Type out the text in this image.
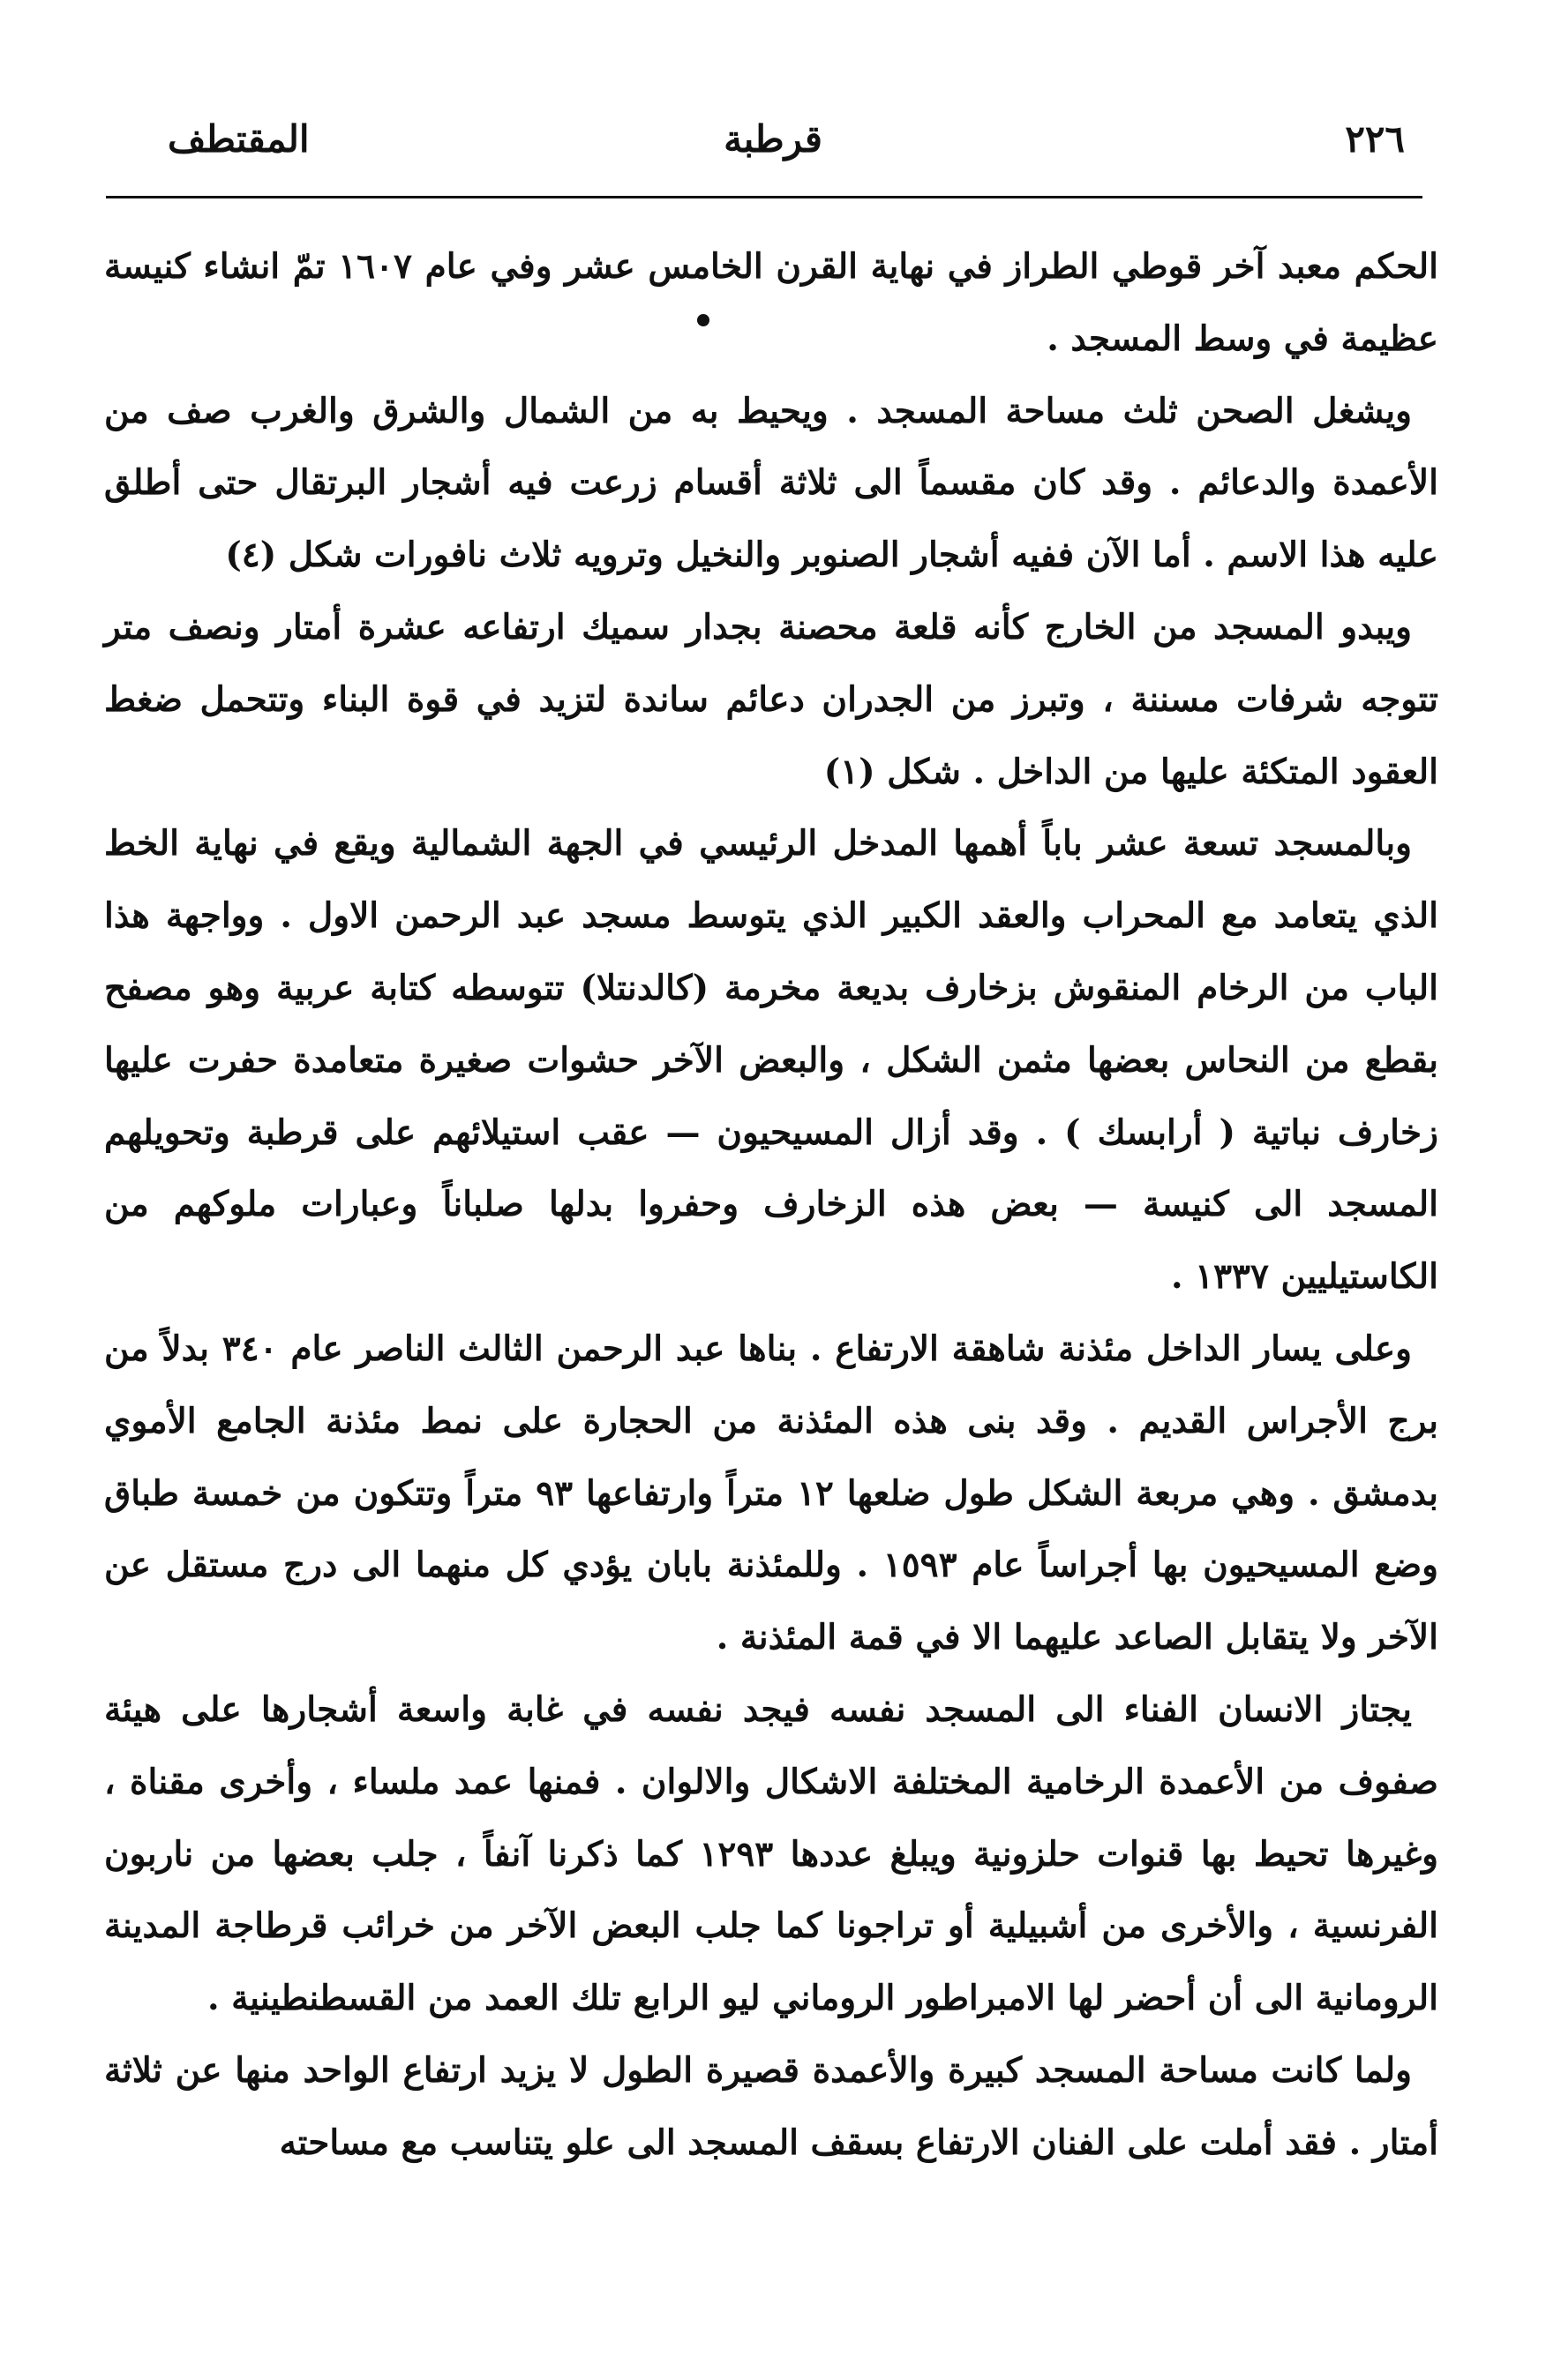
٢٢٦
قرطبة
المقتطف

الحكم معبد آخر قوطي الطراز في نهاية القرن الخامس عشر وفي عام ١٦٠٧ تمّ انشاء كنيسة عظيمة في وسط المسجد .

ويشغل الصحن ثلث مساحة المسجد . ويحيط به من الشمال والشرق والغرب صف من الأعمدة والدعائم . وقد كان مقسماً الى ثلاثة أقسام زرعت فيه أشجار البرتقال حتى أطلق عليه هذا الاسم . أما الآن ففيه أشجار الصنوبر والنخيل وترويه ثلاث نافورات شكل (٤)

ويبدو المسجد من الخارج كأنه قلعة محصنة بجدار سميك ارتفاعه عشرة أمتار ونصف متر تتوجه شرفات مسننة ، وتبرز من الجدران دعائم ساندة لتزيد في قوة البناء وتتحمل ضغط العقود المتكئة عليها من الداخل . شكل (١)

وبالمسجد تسعة عشر باباً أهمها المدخل الرئيسي في الجهة الشمالية ويقع في نهاية الخط الذي يتعامد مع المحراب والعقد الكبير الذي يتوسط مسجد عبد الرحمن الاول . وواجهة هذا الباب من الرخام المنقوش بزخارف بديعة مخرمة (كالدنتلا) تتوسطه كتابة عربية وهو مصفح بقطع من النحاس بعضها مثمن الشكل ، والبعض الآخر حشوات صغيرة متعامدة حفرت عليها زخارف نباتية ( أرابسك ) . وقد أزال المسيحيون — عقب استيلائهم على قرطبة وتحويلهم المسجد الى كنيسة — بعض هذه الزخارف وحفروا بدلها صلباناً وعبارات ملوكهم من الكاستيليين ١٣٣٧ .

وعلى يسار الداخل مئذنة شاهقة الارتفاع . بناها عبد الرحمن الثالث الناصر عام ٣٤٠ بدلاً من برج الأجراس القديم . وقد بنى هذه المئذنة من الحجارة على نمط مئذنة الجامع الأموي بدمشق . وهي مربعة الشكل طول ضلعها ١٢ متراً وارتفاعها ٩٣ متراً وتتكون من خمسة طباق وضع المسيحيون بها أجراساً عام ١٥٩٣ . وللمئذنة بابان يؤدي كل منهما الى درج مستقل عن الآخر ولا يتقابل الصاعد عليهما الا في قمة المئذنة .

يجتاز الانسان الفناء الى المسجد نفسه فيجد نفسه في غابة واسعة أشجارها على هيئة صفوف من الأعمدة الرخامية المختلفة الاشكال والالوان . فمنها عمد ملساء ، وأخرى مقناة ، وغيرها تحيط بها قنوات حلزونية ويبلغ عددها ١٢٩٣ كما ذكرنا آنفاً ، جلب بعضها من ناربون الفرنسية ، والأخرى من أشبيلية أو تراجونا كما جلب البعض الآخر من خرائب قرطاجة المدينة الرومانية الى أن أحضر لها الامبراطور الروماني ليو الرابع تلك العمد من القسطنطينية .

ولما كانت مساحة المسجد كبيرة والأعمدة قصيرة الطول لا يزيد ارتفاع الواحد منها عن ثلاثة أمتار . فقد أملت على الفنان الارتفاع بسقف المسجد الى علو يتناسب مع مساحته
